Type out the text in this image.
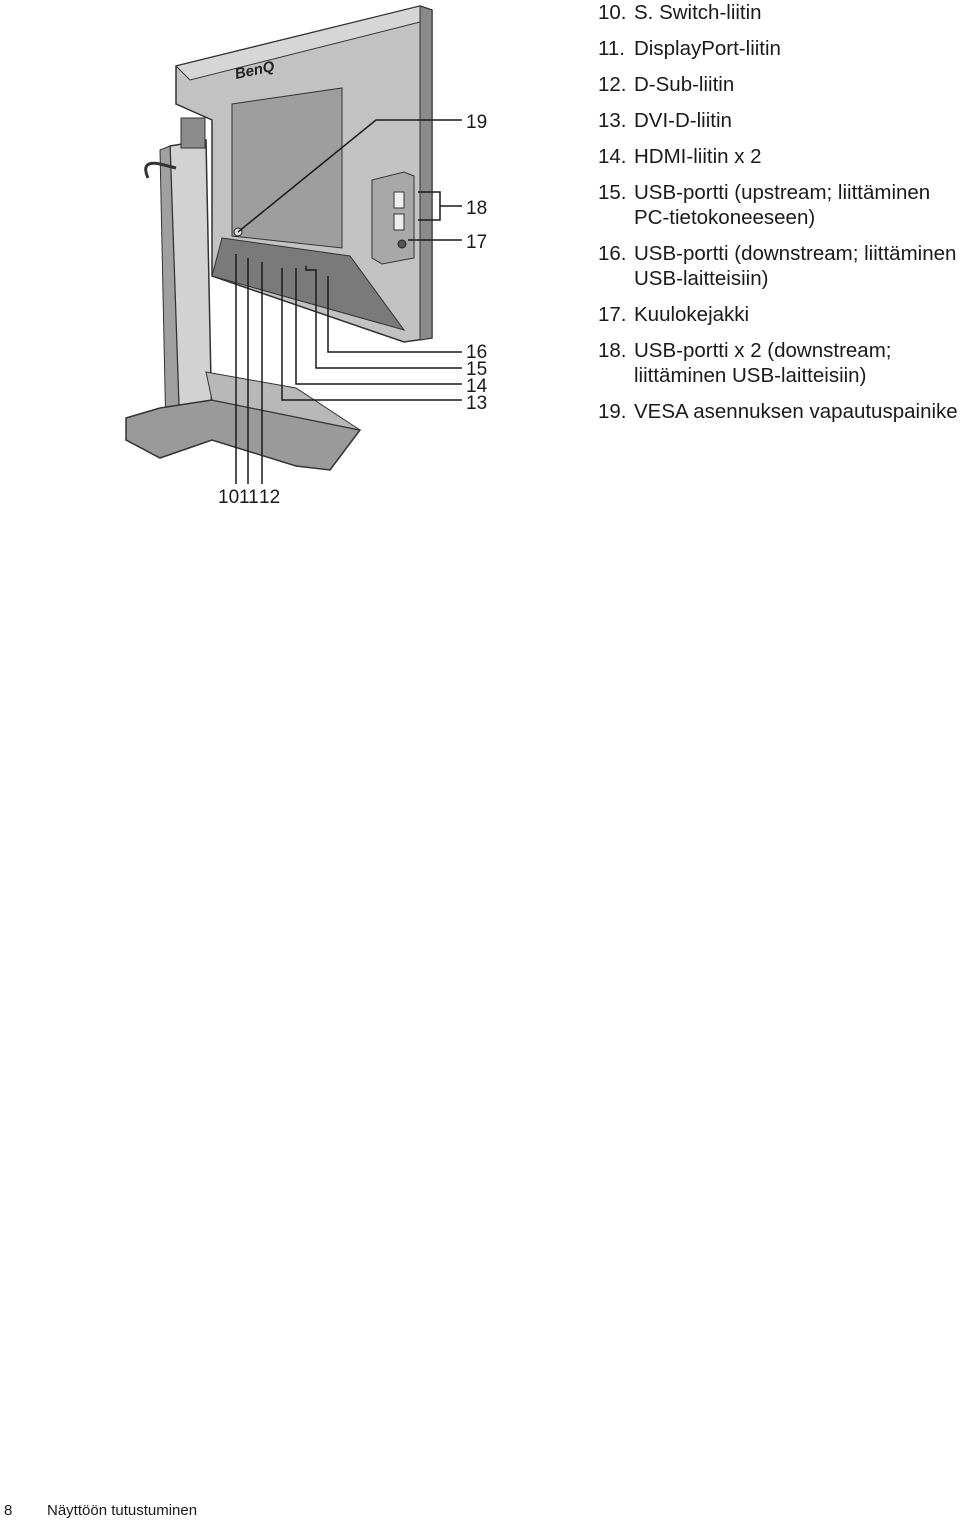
BenQ
19
18
17
16
15
14
13
10 11 12
10. S. Switch-liitin
11. DisplayPort-liitin
12. D-Sub-liitin
13. DVI-D-liitin
14. HDMI-liitin x 2
15. USB-portti (upstream; liittäminen PC-tietokoneeseen)
16. USB-portti (downstream; liittäminen USB-laitteisiin)
17. Kuulokejakki
18. USB-portti x 2 (downstream; liittäminen USB-laitteisiin)
19. VESA asennuksen vapautuspainike
8 Näyttöön tutustuminen
